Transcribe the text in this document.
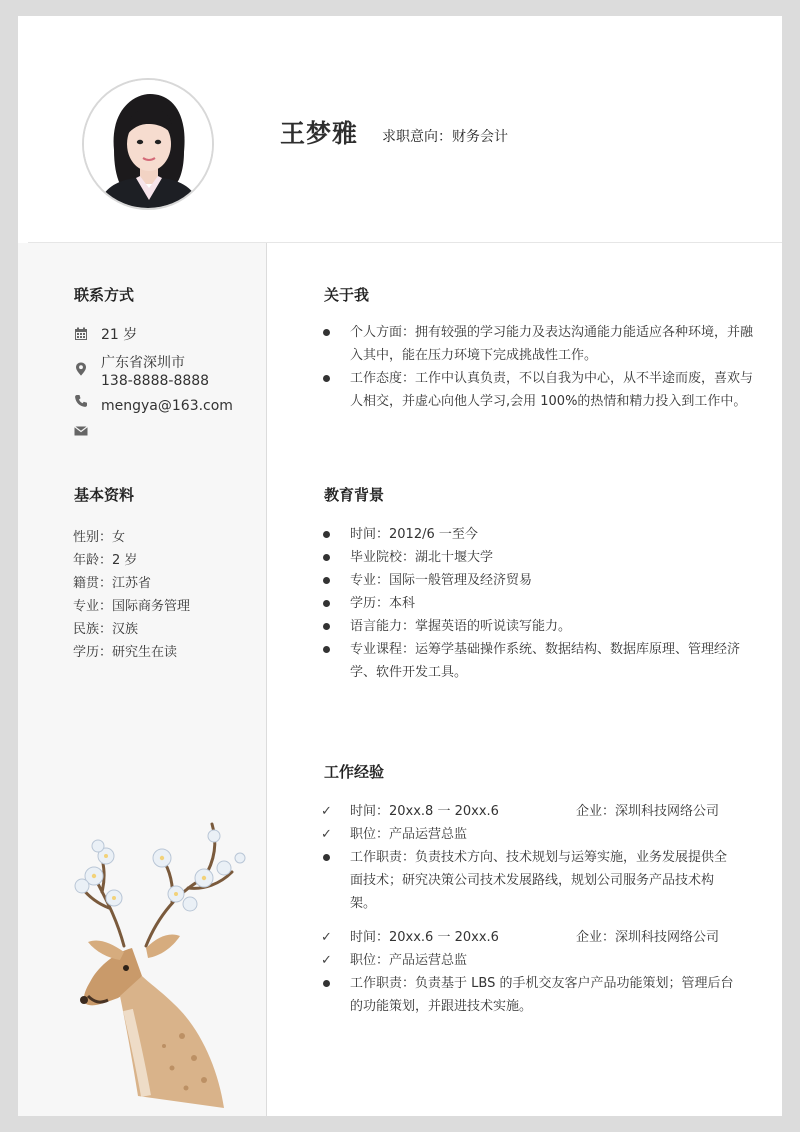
王梦雅 求职意向：财务会计
联系方式
21 岁
广东省深圳市
138-8888-8888
mengya@163.com
基本资料
性别：女
年龄：2 岁
籍贯：江苏省
专业：国际商务管理
民族：汉族
学历：研究生在读
关于我
个人方面：拥有较强的学习能力及表达沟通能力能适应各种环境，并融入其中，能在压力环境下完成挑战性工作。
工作态度：工作中认真负责，不以自我为中心，从不半途而废，喜欢与人相交，并虚心向他人学习,会用 100%的热情和精力投入到工作中。
教育背景
时间：2012/6 一至今
毕业院校：湖北十堰大学
专业：国际一般管理及经济贸易
学历：本科
语言能力：掌握英语的听说读写能力。
专业课程：运筹学基础操作系统、数据结构、数据库原理、管理经济学、软件开发工具。
工作经验
✓ 时间：20xx.8 一 20xx.6	企业：深圳科技网络公司
✓ 职位：产品运营总监
工作职责：负责技术方向、技术规划与运筹实施，业务发展提供全面技术；研究决策公司技术发展路线，规划公司服务产品技术构架。
✓ 时间：20xx.6 一 20xx.6	企业：深圳科技网络公司
✓ 职位：产品运营总监
工作职责：负责基于 LBS 的手机交友客户产品功能策划；管理后台的功能策划，并跟进技术实施。
